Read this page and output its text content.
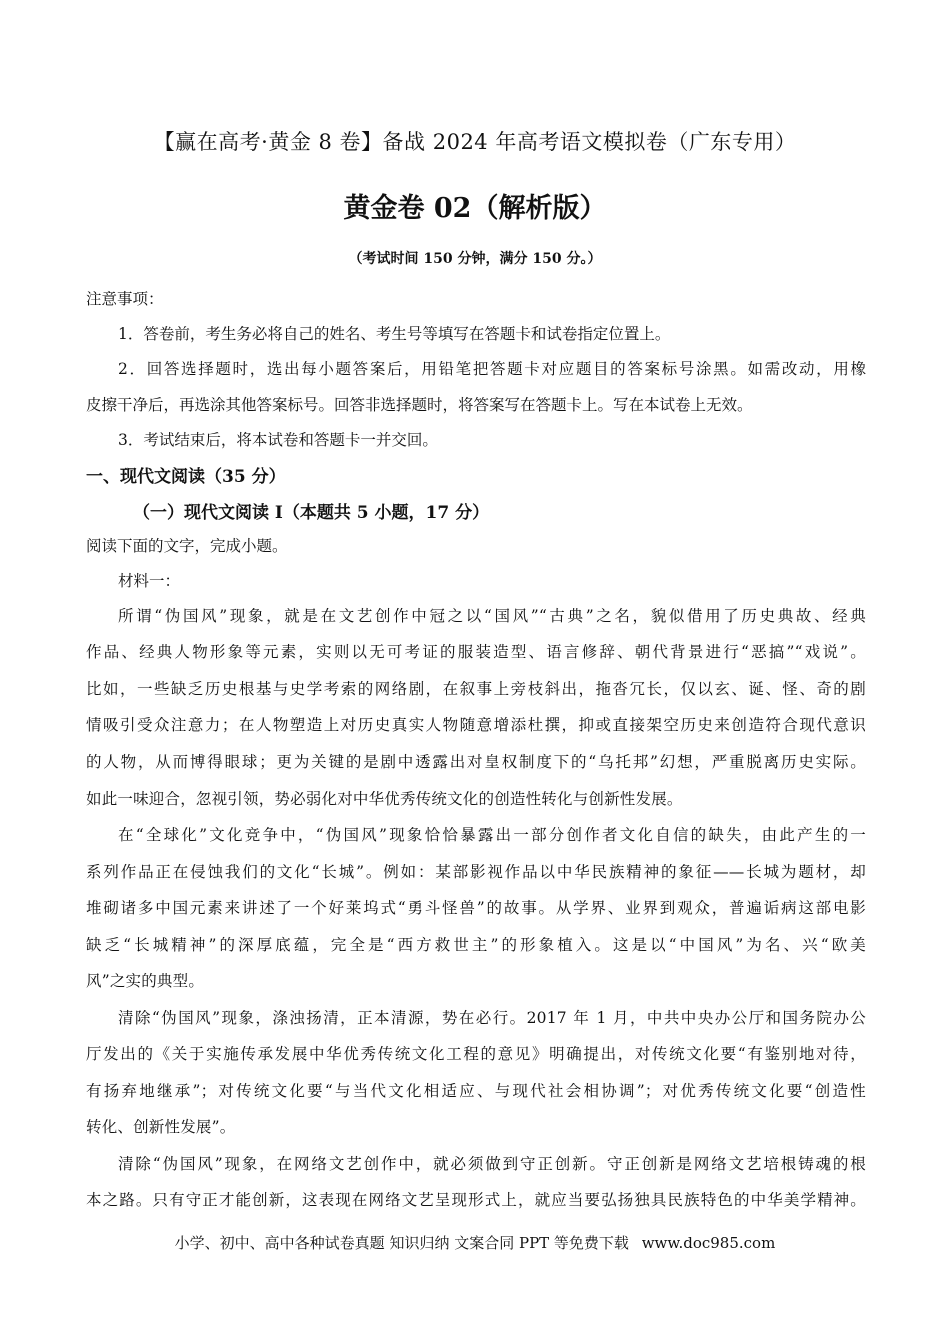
【赢在高考·黄金 8 卷】备战 2024 年高考语文模拟卷（广东专用）
黄金卷 02（解析版）
（考试时间 150 分钟，满分 150 分。）
注意事项：
1．答卷前，考生务必将自己的姓名、考生号等填写在答题卡和试卷指定位置上。
2．回答选择题时，选出每小题答案后，用铅笔把答题卡对应题目的答案标号涂黑。如需改动，用橡
皮擦干净后，再选涂其他答案标号。回答非选择题时，将答案写在答题卡上。写在本试卷上无效。
3．考试结束后，将本试卷和答题卡一并交回。
一、现代文阅读（35 分）
（一）现代文阅读 I（本题共 5 小题，17 分）
阅读下面的文字，完成小题。
材料一：
所谓“伪国风”现象，就是在文艺创作中冠之以“国风”“古典”之名，貌似借用了历史典故、经典
作品、经典人物形象等元素，实则以无可考证的服装造型、语言修辞、朝代背景进行“恶搞”“戏说”。
比如，一些缺乏历史根基与史学考索的网络剧，在叙事上旁枝斜出，拖沓冗长，仅以玄、诞、怪、奇的剧
情吸引受众注意力；在人物塑造上对历史真实人物随意增添杜撰，抑或直接架空历史来创造符合现代意识
的人物，从而博得眼球；更为关键的是剧中透露出对皇权制度下的“乌托邦”幻想，严重脱离历史实际。
如此一味迎合，忽视引领，势必弱化对中华优秀传统文化的创造性转化与创新性发展。
在“全球化”文化竞争中，“伪国风”现象恰恰暴露出一部分创作者文化自信的缺失，由此产生的一
系列作品正在侵蚀我们的文化“长城”。例如：某部影视作品以中华民族精神的象征——长城为题材，却
堆砌诸多中国元素来讲述了一个好莱坞式“勇斗怪兽”的故事。从学界、业界到观众，普遍诟病这部电影
缺乏“长城精神”的深厚底蕴，完全是“西方救世主”的形象植入。这是以“中国风”为名、兴“欧美
风”之实的典型。
清除“伪国风”现象，涤浊扬清，正本清源，势在必行。2017 年 1 月，中共中央办公厅和国务院办公
厅发出的《关于实施传承发展中华优秀传统文化工程的意见》明确提出，对传统文化要“有鉴别地对待，
有扬弃地继承”；对传统文化要“与当代文化相适应、与现代社会相协调”；对优秀传统文化要“创造性
转化、创新性发展”。
清除“伪国风”现象，在网络文艺创作中，就必须做到守正创新。守正创新是网络文艺培根铸魂的根
本之路。只有守正才能创新，这表现在网络文艺呈现形式上，就应当要弘扬独具民族特色的中华美学精神。
小学、初中、高中各种试卷真题 知识归纳 文案合同 PPT 等免费下载 www.doc985.com
